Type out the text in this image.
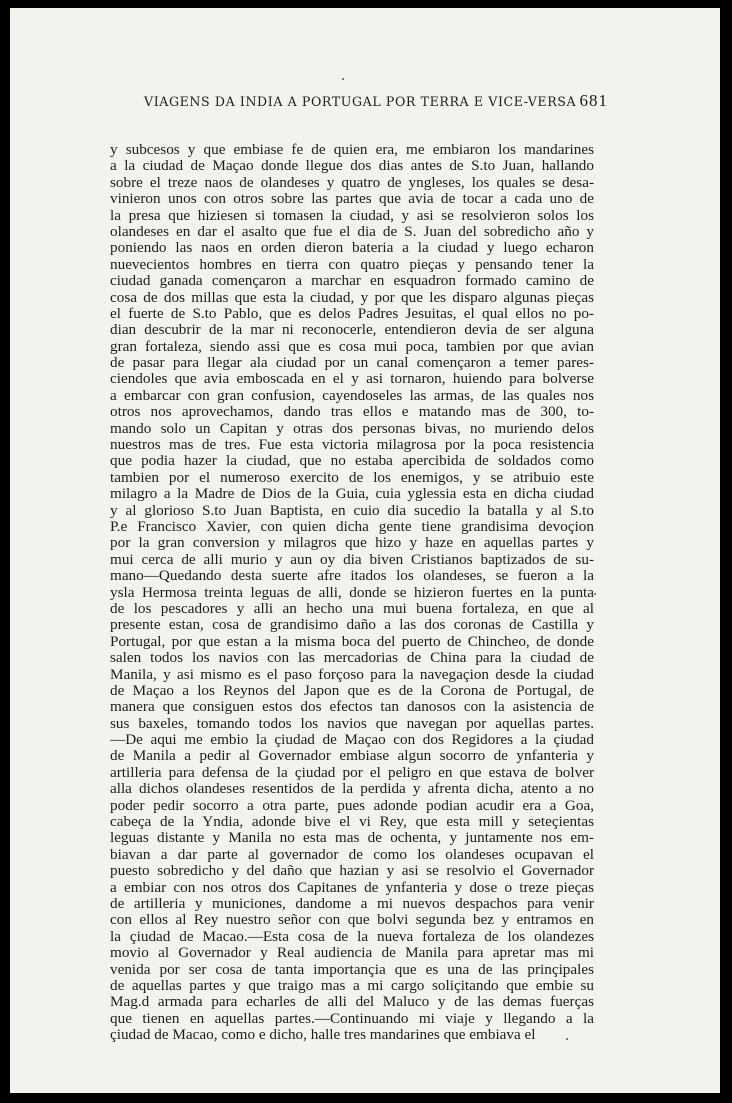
VIAGENS DA INDIA A PORTUGAL POR TERRA E VICE-VERSA 681
y subcesos y que embiase fe de quien era, me embiaron los mandarines
a la ciudad de Maçao donde llegue dos dias antes de S.to Juan, hallando
sobre el treze naos de olandeses y quatro de yngleses, los quales se desa-
vinieron unos con otros sobre las partes que avia de tocar a cada uno de
la presa que hiziesen si tomasen la ciudad, y asi se resolvieron solos los
olandeses en dar el asalto que fue el dia de S. Juan del sobredicho año y
poniendo las naos en orden dieron bateria a la ciudad y luego echaron
nuevecientos hombres en tierra con quatro pieças y pensando tener la
ciudad ganada començaron a marchar en esquadron formado camino de
cosa de dos millas que esta la ciudad, y por que les disparo algunas pieças
el fuerte de S.to Pablo, que es delos Padres Jesuitas, el qual ellos no po-
dian descubrir de la mar ni reconocerle, entendieron devia de ser alguna
gran fortaleza, siendo assi que es cosa mui poca, tambien por que avian
de pasar para llegar ala ciudad por un canal començaron a temer pares-
ciendoles que avia emboscada en el y asi tornaron, huiendo para bolverse
a embarcar con gran confusion, cayendoseles las armas, de las quales nos
otros nos aprovechamos, dando tras ellos e matando mas de 300, to-
mando solo un Capitan y otras dos personas bivas, no muriendo delos
nuestros mas de tres. Fue esta victoria milagrosa por la poca resistencia
que podia hazer la ciudad, que no estaba apercibida de soldados como
tambien por el numeroso exercito de los enemigos, y se atribuio este
milagro a la Madre de Dios de la Guia, cuia yglessia esta en dicha ciudad
y al glorioso S.to Juan Baptista, en cuio dia sucedio la batalla y al S.to
P.e Francisco Xavier, con quien dicha gente tiene grandisima devoçion
por la gran conversion y milagros que hizo y haze en aquellas partes y
mui cerca de alli murio y aun oy dia biven Cristianos baptizados de su-
mano—Quedando desta suerte afre itados los olandeses, se fueron a la
ysla Hermosa treinta leguas de alli, donde se hizieron fuertes en la punta
de los pescadores y alli an hecho una mui buena fortaleza, en que al
presente estan, cosa de grandisimo daño a las dos coronas de Castilla y
Portugal, por que estan a la misma boca del puerto de Chincheo, de donde
salen todos los navios con las mercadorias de China para la ciudad de
Manila, y asi mismo es el paso forçoso para la navegaçion desde la ciudad
de Maçao a los Reynos del Japon que es de la Corona de Portugal, de
manera que consiguen estos dos efectos tan danosos con la asistencia de
sus baxeles, tomando todos los navios que navegan por aquellas partes.
—De aqui me embio la çiudad de Maçao con dos Regidores a la çiudad
de Manila a pedir al Governador embiase algun socorro de ynfanteria y
artilleria para defensa de la çiudad por el peligro en que estava de bolver
alla dichos olandeses resentidos de la perdida y afrenta dicha, atento a no
poder pedir socorro a otra parte, pues adonde podian acudir era a Goa,
cabeça de la Yndia, adonde bive el vi Rey, que esta mill y seteçientas
leguas distante y Manila no esta mas de ochenta, y juntamente nos em-
biavan a dar parte al governador de como los olandeses ocupavan el
puesto sobredicho y del daño que hazian y asi se resolvio el Governador
a embiar con nos otros dos Capitanes de ynfanteria y dose o treze pieças
de artilleria y municiones, dandome a mi nuevos despachos para venir
con ellos al Rey nuestro señor con que bolvi segunda bez y entramos en
la çiudad de Macao.—Esta cosa de la nueva fortaleza de los olandezes
movio al Governador y Real audiencia de Manila para apretar mas mi
venida por ser cosa de tanta importançia que es una de las prinçipales
de aquellas partes y que traigo mas a mi cargo soliçitando que embie su
Mag.d armada para echarles de alli del Maluco y de las demas fuerças
que tienen en aquellas partes.—Continuando mi viaje y llegando a la
çiudad de Macao, como e dicho, halle tres mandarines que embiava el
